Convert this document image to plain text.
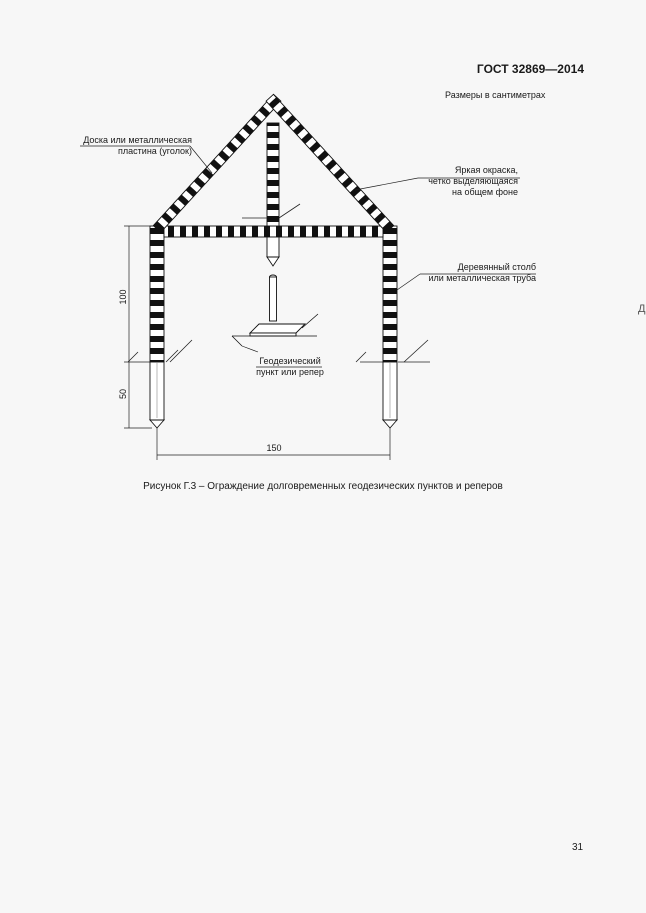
ГОСТ 32869—2014
Размеры в сантиметрах
100
50
150
Доска или металлическая
пластина (уголок)
Яркая окраска,
четко выделяющаяся
на общем фоне
Деревянный столб
или металлическая труба
Геодезический
пункт или репер
Рисунок Г.3 – Ограждение долговременных геодезических пунктов и реперов
31
Д
